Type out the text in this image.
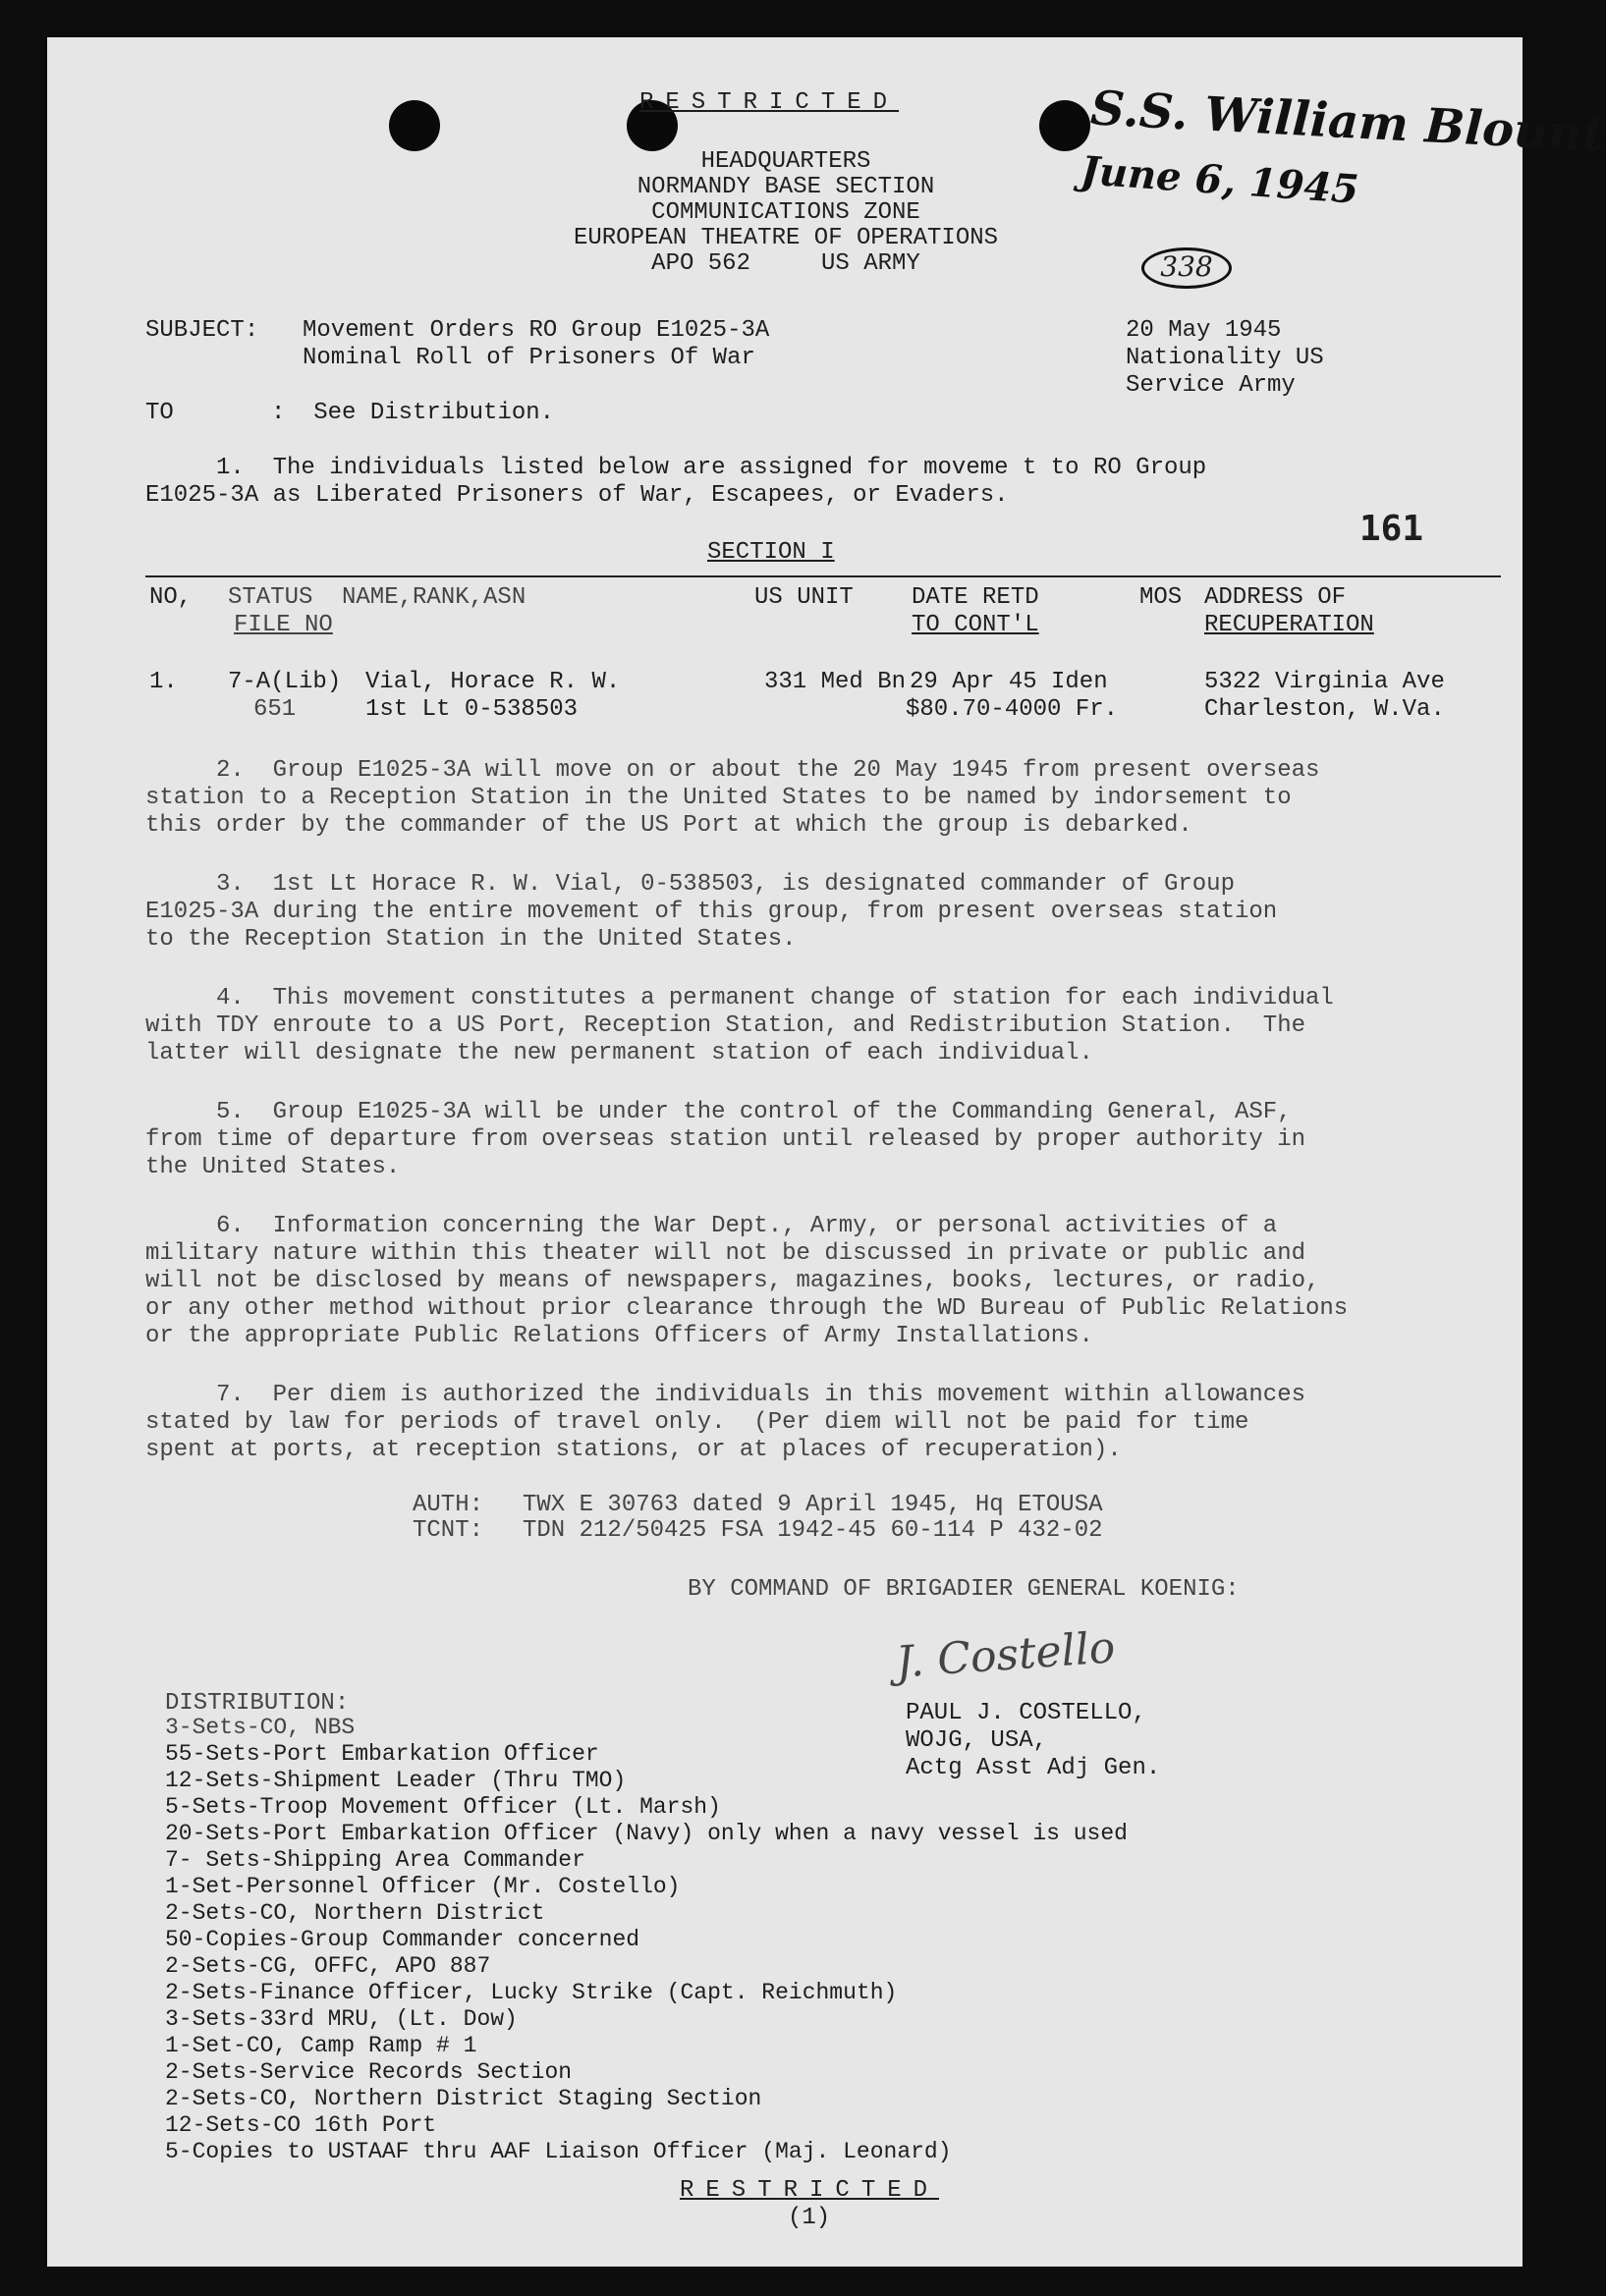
S.S. William Blount
June 6, 1945
338
161
RESTRICTED
HEADQUARTERS
NORMANDY BASE SECTION
COMMUNICATIONS ZONE
EUROPEAN THEATRE OF OPERATIONS
APO 562     US ARMY
SUBJECT: Movement Orders RO Group E1025-3A
Nominal Roll of Prisoners Of War
20 May 1945
Nationality US
Service Army
TO	:  See Distribution.
1.  The individuals listed below are assigned for moveme t to RO Group
E1025-3A as Liberated Prisoners of War, Escapees, or Evaders.
SECTION I
NO, STATUS NAME,RANK,ASN
FILE NO
US UNIT DATE RETD
TO CONT'L
MOS ADDRESS OF
RECUPERATION
1. 7-A(Lib) Vial, Horace R. W.
651	1st Lt 0-538503
331 Med Bn 29 Apr 45 Iden
$80.70-4000 Fr.
5322 Virginia Ave
Charleston, W.Va.
2.  Group E1025-3A will move on or about the 20 May 1945 from present overseas
station to a Reception Station in the United States to be named by indorsement to
this order by the commander of the US Port at which the group is debarked.
3.  1st Lt Horace R. W. Vial, 0-538503, is designated commander of Group
E1025-3A during the entire movement of this group, from present overseas station
to the Reception Station in the United States.
4.  This movement constitutes a permanent change of station for each individual
with TDY enroute to a US Port, Reception Station, and Redistribution Station.  The
latter will designate the new permanent station of each individual.
5.  Group E1025-3A will be under the control of the Commanding General, ASF,
from time of departure from overseas station until released by proper authority in
the United States.
6.  Information concerning the War Dept., Army, or personal activities of a
military nature within this theater will not be discussed in private or public and
will not be disclosed by means of newspapers, magazines, books, lectures, or radio,
or any other method without prior clearance through the WD Bureau of Public Relations
or the appropriate Public Relations Officers of Army Installations.
7.  Per diem is authorized the individuals in this movement within allowances
stated by law for periods of travel only.  (Per diem will not be paid for time
spent at ports, at reception stations, or at places of recuperation).
AUTH: TWX E 30763 dated 9 April 1945, Hq ETOUSA
TCNT: TDN 212/50425 FSA 1942-45 60-114 P 432-02
BY COMMAND OF BRIGADIER GENERAL KOENIG:
J. Costello
PAUL J. COSTELLO,
WOJG, USA,
Actg Asst Adj Gen.
DISTRIBUTION:
3-Sets-CO, NBS
55-Sets-Port Embarkation Officer
12-Sets-Shipment Leader (Thru TMO)
5-Sets-Troop Movement Officer (Lt. Marsh)
20-Sets-Port Embarkation Officer (Navy) only when a navy vessel is used
7- Sets-Shipping Area Commander
1-Set-Personnel Officer (Mr. Costello)
2-Sets-CO, Northern District
50-Copies-Group Commander concerned
2-Sets-CG, OFFC, APO 887
2-Sets-Finance Officer, Lucky Strike (Capt. Reichmuth)
3-Sets-33rd MRU, (Lt. Dow)
1-Set-CO, Camp Ramp # 1
2-Sets-Service Records Section
2-Sets-CO, Northern District Staging Section
12-Sets-CO 16th Port
5-Copies to USTAAF thru AAF Liaison Officer (Maj. Leonard)
RESTRICTED
(1)
